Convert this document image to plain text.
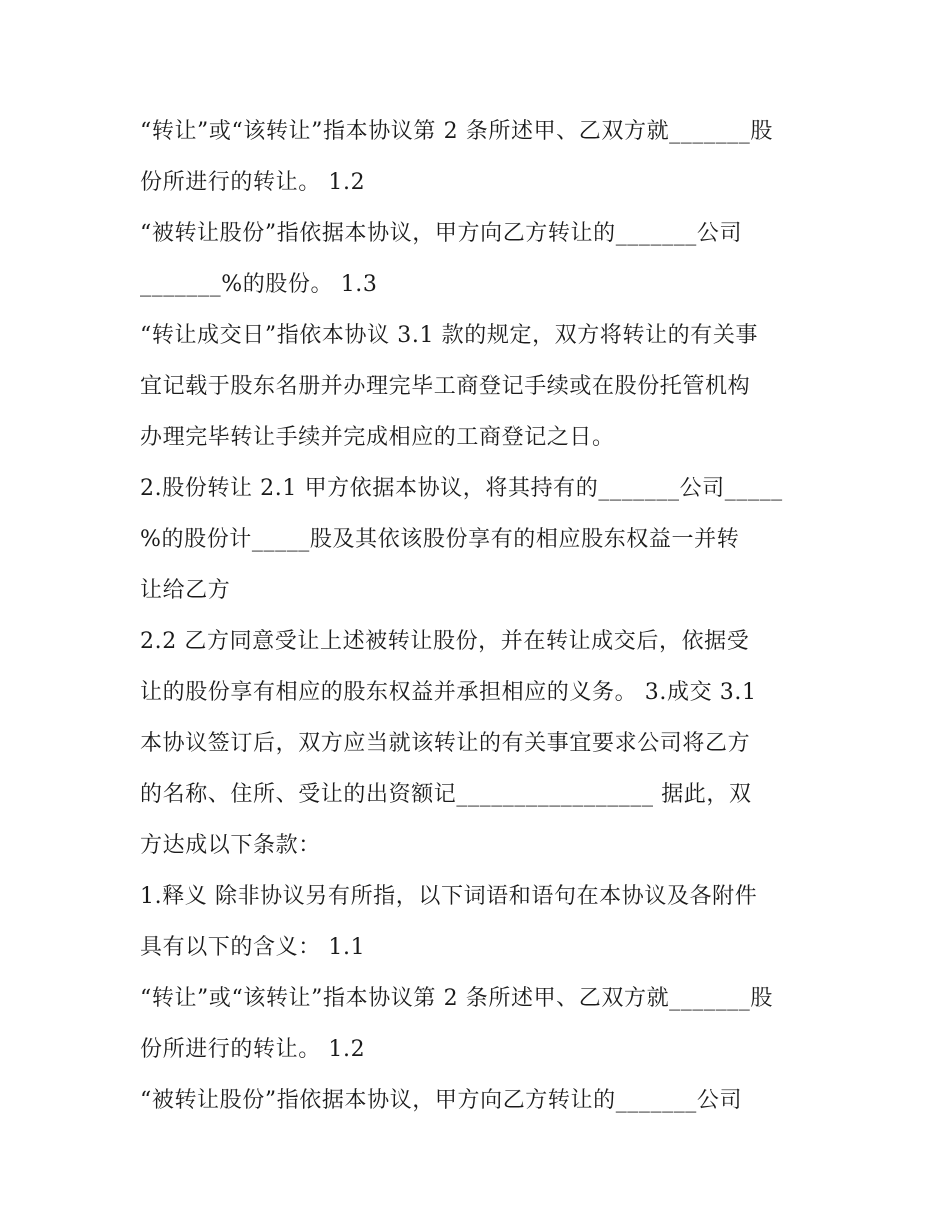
“转让”或“该转让”指本协议第 2 条所述甲、乙双方就_______股
份所进行的转让。 1.2
“被转让股份”指依据本协议，甲方向乙方转让的_______公司
_______%的股份。 1.3
“转让成交日”指依本协议 3.1 款的规定，双方将转让的有关事
宜记载于股东名册并办理完毕工商登记手续或在股份托管机构
办理完毕转让手续并完成相应的工商登记之日。
2.股份转让 2.1 甲方依据本协议，将其持有的_______公司_____
%的股份计_____股及其依该股份享有的相应股东权益一并转
让给乙方
2.2 乙方同意受让上述被转让股份，并在转让成交后，依据受
让的股份享有相应的股东权益并承担相应的义务。 3.成交 3.1
本协议签订后，双方应当就该转让的有关事宜要求公司将乙方
的名称、住所、受让的出资额记_________________ 据此，双
方达成以下条款：
1.释义 除非协议另有所指，以下词语和语句在本协议及各附件
具有以下的含义： 1.1
“转让”或“该转让”指本协议第 2 条所述甲、乙双方就_______股
份所进行的转让。 1.2
“被转让股份”指依据本协议，甲方向乙方转让的_______公司
